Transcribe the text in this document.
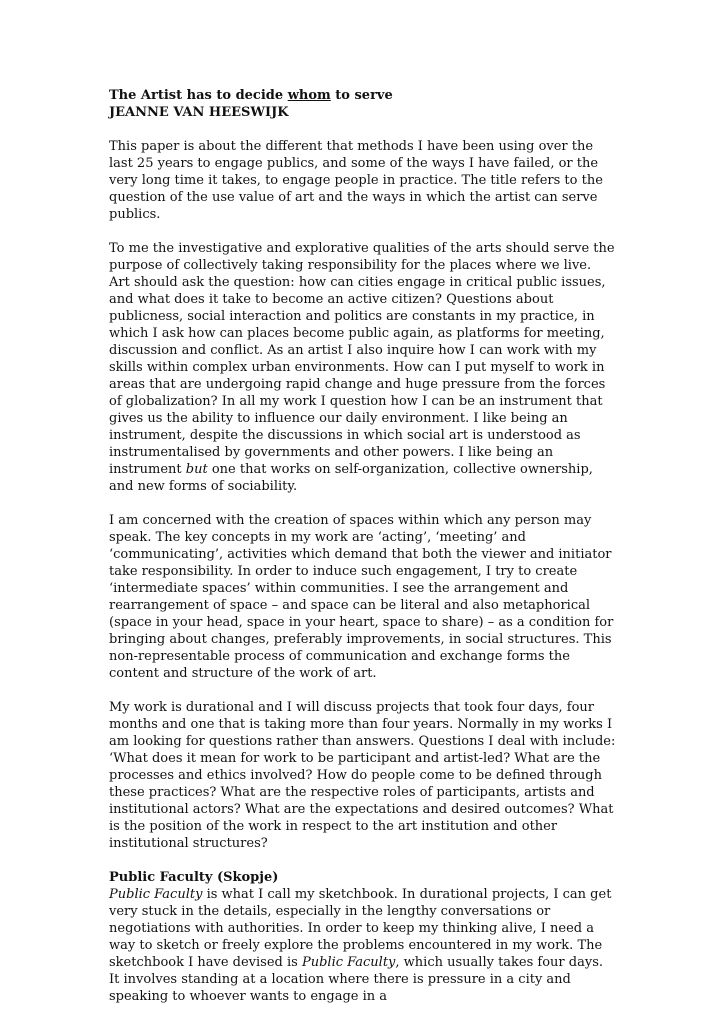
The Artist has to decide whom to serve
JEANNE VAN HEESWIJK

This paper is about the different that methods I have been using over the last 25 years to engage publics, and some of the ways I have failed, or the very long time it takes, to engage people in practice. The title refers to the question of the use value of art and the ways in which the artist can serve publics.

To me the investigative and explorative qualities of the arts should serve the purpose of collectively taking responsibility for the places where we live. Art should ask the question: how can cities engage in critical public issues, and what does it take to become an active citizen? Questions about publicness, social interaction and politics are constants in my practice, in which I ask how can places become public again, as platforms for meeting, discussion and conflict. As an artist I also inquire how I can work with my skills within complex urban environments. How can I put myself to work in areas that are undergoing rapid change and huge pressure from the forces of globalization? In all my work I question how I can be an instrument that gives us the ability to influence our daily environment. I like being an instrument, despite the discussions in which social art is understood as instrumentalised by governments and other powers. I like being an instrument but one that works on self-organization, collective ownership, and new forms of sociability.

I am concerned with the creation of spaces within which any person may speak. The key concepts in my work are ‘acting’, ‘meeting’ and ‘communicating’, activities which demand that both the viewer and initiator take responsibility. In order to induce such engagement, I try to create ‘intermediate spaces’ within communities. I see the arrangement and rearrangement of space – and space can be literal and also metaphorical (space in your head, space in your heart, space to share) – as a condition for bringing about changes, preferably improvements, in social structures. This non-representable process of communication and exchange forms the content and structure of the work of art.

My work is durational and I will discuss projects that took four days, four months and one that is taking more than four years. Normally in my works I am looking for questions rather than answers. Questions I deal with include: ‘What does it mean for work to be participant and artist-led? What are the processes and ethics involved? How do people come to be defined through these practices? What are the respective roles of participants, artists and institutional actors? What are the expectations and desired outcomes? What is the position of the work in respect to the art institution and other institutional structures?

Public Faculty (Skopje)

Public Faculty is what I call my sketchbook. In durational projects, I can get very stuck in the details, especially in the lengthy conversations or negotiations with authorities. In order to keep my thinking alive, I need a way to sketch or freely explore the problems encountered in my work. The sketchbook I have devised is Public Faculty, which usually takes four days. It involves standing at a location where there is pressure in a city and speaking to whoever wants to engage in a
